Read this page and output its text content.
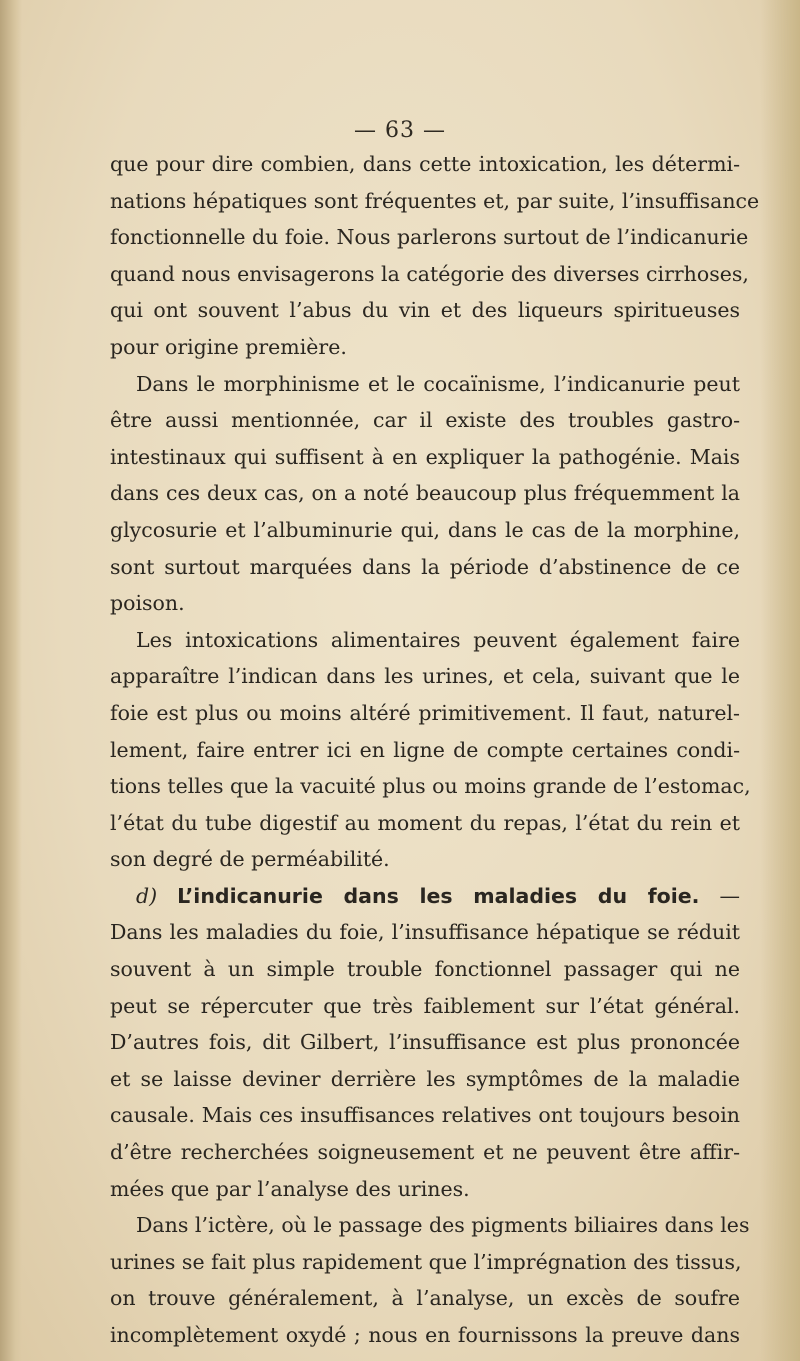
— 63 —
que pour dire combien, dans cette intoxication, les détermi-
nations hépatiques sont fréquentes et, par suite, l’insuffisance
fonctionnelle du foie. Nous parlerons surtout de l’indicanurie
quand nous envisagerons la catégorie des diverses cirrhoses,
qui ont souvent l’abus du vin et des liqueurs spiritueuses
pour origine première.
Dans le morphinisme et le cocaïnisme, l’indicanurie peut
être aussi mentionnée, car il existe des troubles gastro-
intestinaux qui suffisent à en expliquer la pathogénie. Mais
dans ces deux cas, on a noté beaucoup plus fréquemment la
glycosurie et l’albuminurie qui, dans le cas de la morphine,
sont surtout marquées dans la période d’abstinence de ce
poison.
Les intoxications alimentaires peuvent également faire
apparaître l’indican dans les urines, et cela, suivant que le
foie est plus ou moins altéré primitivement. Il faut, naturel-
lement, faire entrer ici en ligne de compte certaines condi-
tions telles que la vacuité plus ou moins grande de l’estomac,
l’état du tube digestif au moment du repas, l’état du rein et
son degré de perméabilité.
d) L’indicanurie dans les maladies du foie. —
Dans les maladies du foie, l’insuffisance hépatique se réduit
souvent à un simple trouble fonctionnel passager qui ne
peut se répercuter que très faiblement sur l’état général.
D’autres fois, dit Gilbert, l’insuffisance est plus prononcée
et se laisse deviner derrière les symptômes de la maladie
causale. Mais ces insuffisances relatives ont toujours besoin
d’être recherchées soigneusement et ne peuvent être affir-
mées que par l’analyse des urines.
Dans l’ictère, où le passage des pigments biliaires dans les
urines se fait plus rapidement que l’imprégnation des tissus,
on trouve généralement, à l’analyse, un excès de soufre
incomplètement oxydé ; nous en fournissons la preuve dans
